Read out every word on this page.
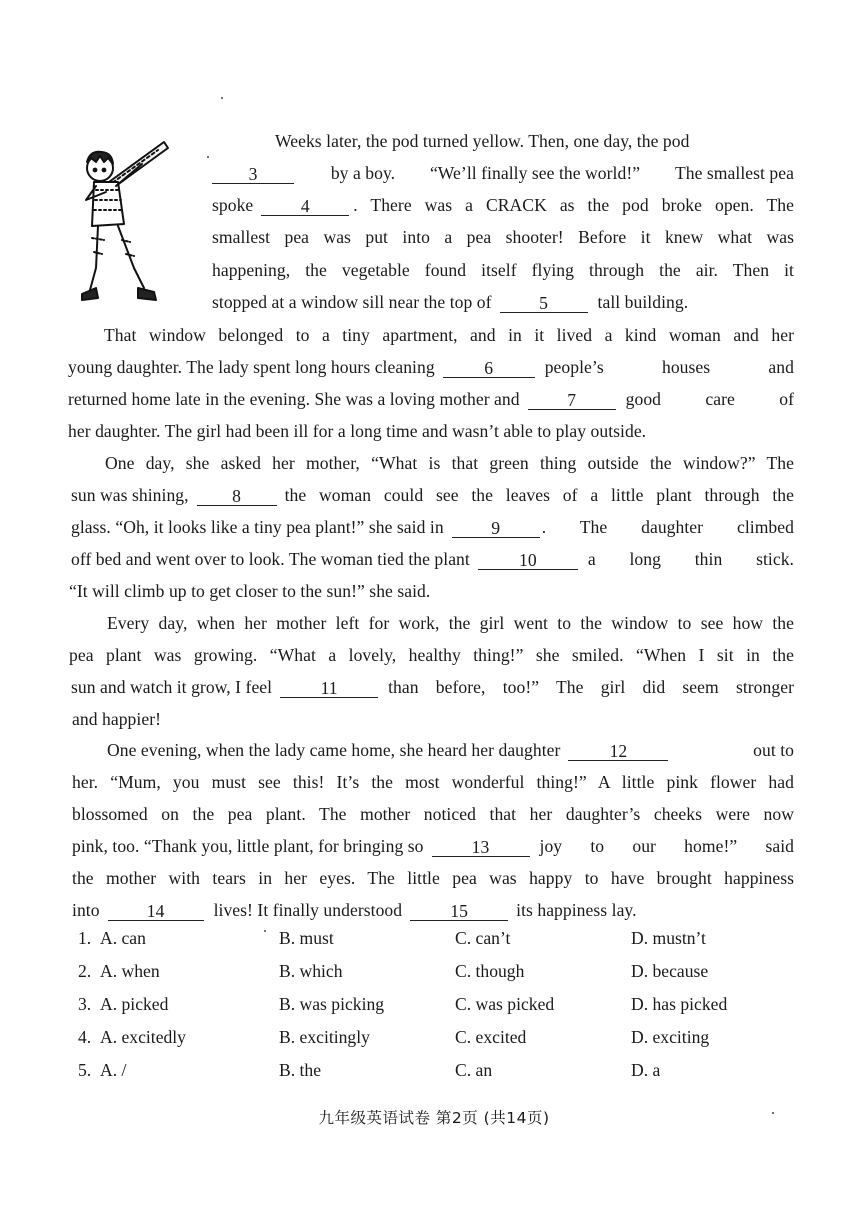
Weeks later, the pod turned yellow. Then, one day, the pod
3	by a boy. “We’ll finally see the world!” The smallest pea
spoke	4	. There was a CRACK as the pod broke open. The
smallest pea was put into a pea shooter! Before it knew what was
happening, the vegetable found itself flying through the air. Then it
stopped at a window sill near the top of	5	tall building.
That window belonged to a tiny apartment, and in it lived a kind woman and her
young daughter. The lady spent long hours cleaning	6	people’s houses and
returned home late in the evening. She was a loving mother and	7	good care of
her daughter. The girl had been ill for a long time and wasn’t able to play outside.
One day, she asked her mother, “What is that green thing outside the window?” The
sun was shining,	8	the woman could see the leaves of a little plant through the
glass. “Oh, it looks like a tiny pea plant!” she said in	9	. The daughter climbed
off bed and went over to look. The woman tied the plant	10	a long thin stick.
“It will climb up to get closer to the sun!” she said.
Every day, when her mother left for work, the girl went to the window to see how the
pea plant was growing. “What a lovely, healthy thing!” she smiled. “When I sit in the
sun and watch it grow, I feel	11	than before, too!” The girl did seem stronger
and happier!
One evening, when the lady came home, she heard her daughter	12	out to
her. “Mum, you must see this! It’s the most wonderful thing!” A little pink flower had
blossomed on the pea plant. The mother noticed that her daughter’s cheeks were now
pink, too. “Thank you, little plant, for bringing so	13	joy to our home!” said
the mother with tears in her eyes. The little pea was happy to have brought happiness
into	14	lives! It finally understood	15	its happiness lay.
1. A. can	B. must	C. can’t	D. mustn’t
2. A. when	B. which	C. though	D. because
3. A. picked	B. was picking	C. was picked	D. has picked
4. A. excitedly	B. excitingly	C. excited	D. exciting
5. A. /	B. the	C. an	D. a
九年级英语试卷 第2页 (共14页)
